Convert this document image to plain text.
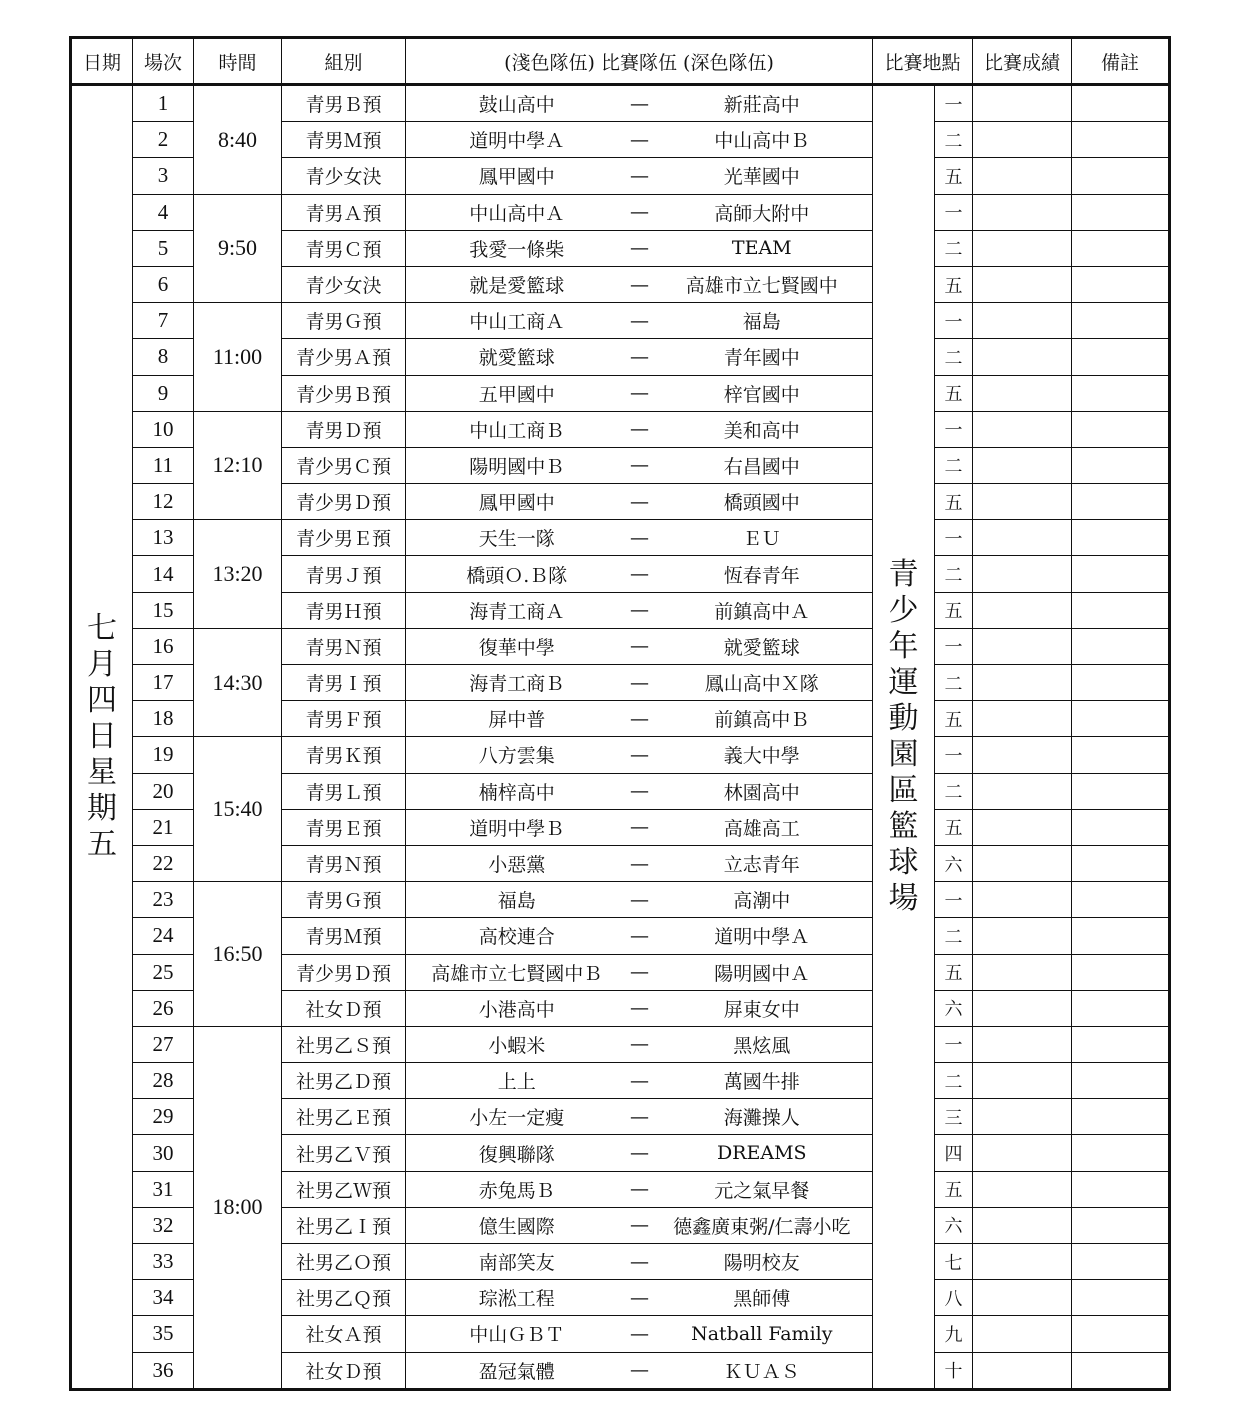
日期	場次	時間	組別	(淺色隊伍) 比賽隊伍 (深色隊伍)			比賽地點		比賽成績	備註

七月四日星期五	1	8:40	青男Ｂ預	鼓山高中	—	新莊高中	青少年運動園區籃球場	一		
	2		青男Ｍ預	道明中學Ａ	—	中山高中Ｂ		二		
	3		青少女決	鳳甲國中	—	光華國中		五		
	4	9:50	青男Ａ預	中山高中Ａ	—	高師大附中		一		
	5		青男Ｃ預	我愛一條柴	—	TEAM		二		
	6		青少女決	就是愛籃球	—	高雄市立七賢國中		五		
	7	11:00	青男Ｇ預	中山工商Ａ	—	福島		一		
	8		青少男Ａ預	就愛籃球	—	青年國中		二		
	9		青少男Ｂ預	五甲國中	—	梓官國中		五		
	10	12:10	青男Ｄ預	中山工商Ｂ	—	美和高中		一		
	11		青少男Ｃ預	陽明國中Ｂ	—	右昌國中		二		
	12		青少男Ｄ預	鳳甲國中	—	橋頭國中		五		
	13	13:20	青少男Ｅ預	天生一隊	—	ＥＵ		一		
	14		青男Ｊ預	橋頭Ｏ.Ｂ隊	—	恆春青年		二		
	15		青男Ｈ預	海青工商Ａ	—	前鎮高中Ａ		五		
	16	14:30	青男Ｎ預	復華中學	—	就愛籃球		一		
	17		青男Ｉ預	海青工商Ｂ	—	鳳山高中Ｘ隊		二		
	18		青男Ｆ預	屏中普	—	前鎮高中Ｂ		五		
	19	15:40	青男Ｋ預	八方雲集	—	義大中學		一		
	20		青男Ｌ預	楠梓高中	—	林園高中		二		
	21		青男Ｅ預	道明中學Ｂ	—	高雄高工		五		
	22		青男Ｎ預	小惡黨	—	立志青年		六		
	23	16:50	青男Ｇ預	福島	—	高潮中		一		
	24		青男Ｍ預	高校連合	—	道明中學Ａ		二		
	25		青少男Ｄ預	高雄市立七賢國中Ｂ	—	陽明國中Ａ		五		
	26		社女Ｄ預	小港高中	—	屏東女中		六		
	27	18:00	社男乙Ｓ預	小蝦米	—	黑炫風		一		
	28		社男乙Ｄ預	上上	—	萬國牛排		二		
	29		社男乙Ｅ預	小左一定瘦	—	海灘操人		三		
	30		社男乙Ｖ預	復興聯隊	—	DREAMS		四		
	31		社男乙Ｗ預	赤兔馬Ｂ	—	元之氣早餐		五		
	32		社男乙Ｉ預	億生國際	—	德鑫廣東粥/仁壽小吃		六		
	33		社男乙Ｏ預	南部笑友	—	陽明校友		七		
	34		社男乙Ｑ預	琮淞工程	—	黑師傅		八		
	35		社女Ａ預	中山ＧＢＴ	—	Natball Family		九		
	36		社女Ｄ預	盈冠氣體	—	ＫＵＡＳ		十		
